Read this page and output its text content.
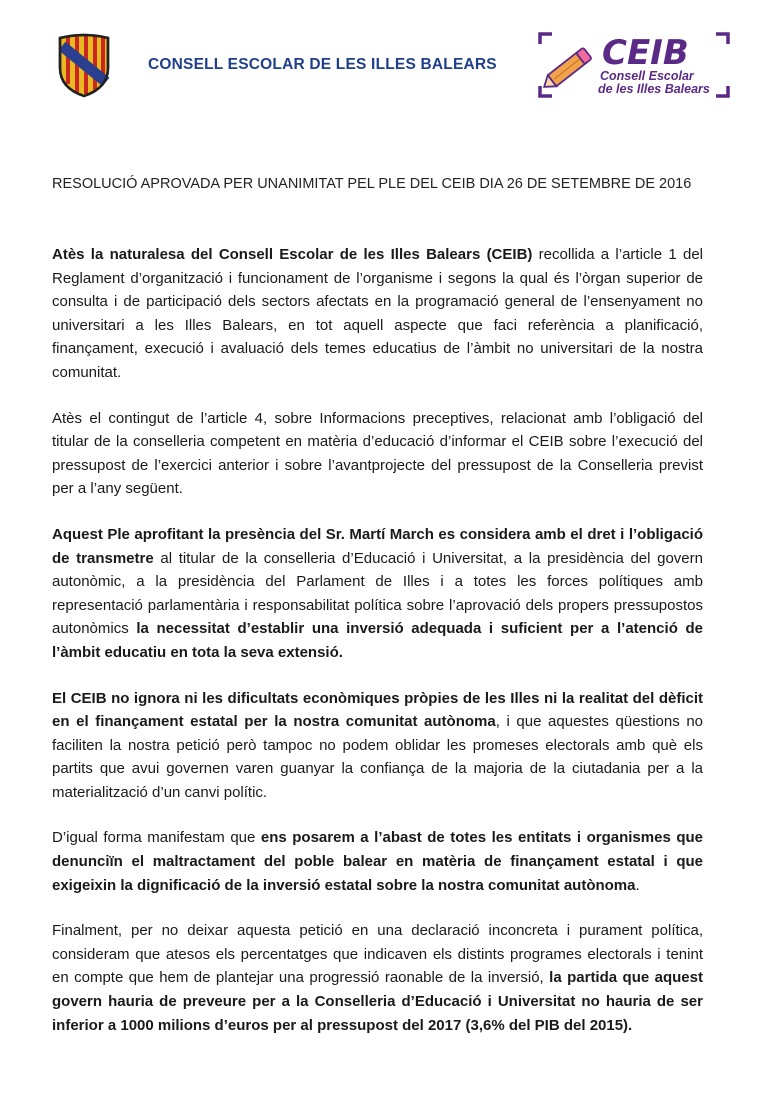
CONSELL ESCOLAR DE LES ILLES BALEARS	CEIB
Consell Escolar
de les Illes Balears
RESOLUCIÓ APROVADA PER UNANIMITAT PEL PLE DEL CEIB DIA 26 DE SETEMBRE DE 2016

Atès la naturalesa del Consell Escolar de les Illes Balears (CEIB) recollida a l’article 1 del Reglament d’organització i funcionament de l’organisme i segons la qual és l’òrgan superior de consulta i de participació dels sectors afectats en la programació general de l’ensenyament no universitari a les Illes Balears, en tot aquell aspecte que faci referència a planificació, finançament, execució i avaluació dels temes educatius de l’àmbit no universitari de la nostra comunitat.

Atès el contingut de l’article 4, sobre Informacions preceptives, relacionat amb l’obligació del titular de la conselleria competent en matèria d’educació d’informar el CEIB sobre l’execució del pressupost de l’exercici anterior i sobre l’avantprojecte del pressupost de la Conselleria previst per a l’any següent.

Aquest Ple aprofitant la presència del Sr. Martí March es considera amb el dret i l’obligació de transmetre al titular de la conselleria d’Educació i Universitat, a la presidència del govern autonòmic, a la presidència del Parlament de Illes i a totes les forces polítiques amb representació parlamentària i responsabilitat política sobre l’aprovació dels propers pressupostos autonòmics la necessitat d’establir una inversió adequada i suficient per a l’atenció de l’àmbit educatiu en tota la seva extensió.

El CEIB no ignora ni les dificultats econòmiques pròpies de les Illes ni la realitat del dèficit en el finançament estatal per la nostra comunitat autònoma, i que aquestes qüestions no faciliten la nostra petició però tampoc no podem oblidar les promeses electorals amb què els partits que avui governen varen guanyar la confiança de la majoria de la ciutadania per a la materialització d’un canvi polític.

D’igual forma manifestam que ens posarem a l’abast de totes les entitats i organismes que denunciïn el maltractament del poble balear en matèria de finançament estatal i que exigeixin la dignificació de la inversió estatal sobre la nostra comunitat autònoma.

Finalment, per no deixar aquesta petició en una declaració inconcreta i purament política, consideram que atesos els percentatges que indicaven els distints programes electorals i tenint en compte que hem de plantejar una progressió raonable de la inversió, la partida que aquest govern hauria de preveure per a la Conselleria d’Educació i Universitat no hauria de ser inferior a 1000 milions d’euros per al pressupost del 2017 (3,6% del PIB del 2015).
